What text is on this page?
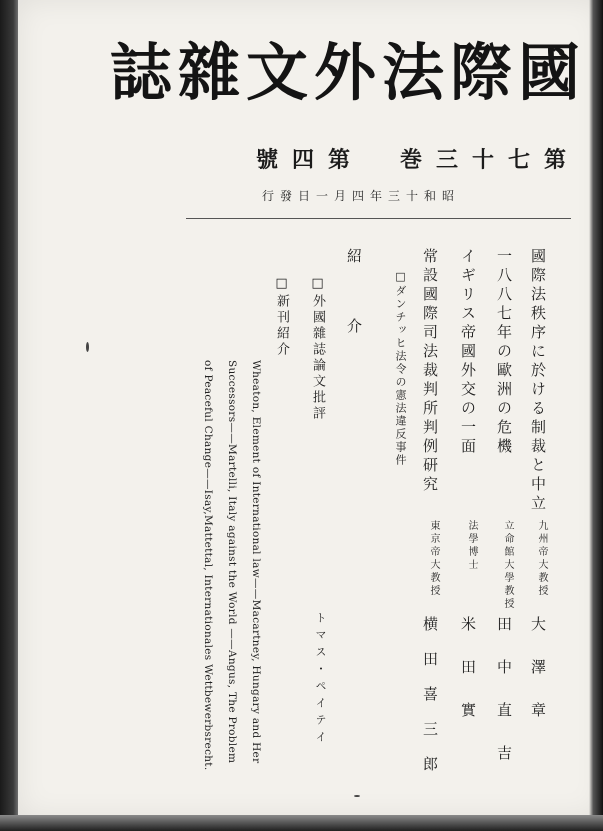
誌雜文外法際國
號四第　巻三十七第
行發日一月四年三十和昭
國際法秩序に於ける制裁と中立
一八八七年の歐洲の危機
イギリス帝國外交の一面
常設國際司法裁判所判例研究
□ダンチッヒ法令の憲法違反事件
九州帝大教授
立命館大學教授
法學博士
東京帝大教授
大澤章
田中直吉
米田實
横田喜三郎
紹　介
□外國雜誌論文批評
□新刊紹介
Wheaton, Element of International law——Macartney, Hungary and Her
Successors——Martelli, Italy against the World ——Angus, The Problem
of Peaceful Change——Isay,Mattettal, Internationales Wettbewerbsrecht.	トマス・ペイテイ
